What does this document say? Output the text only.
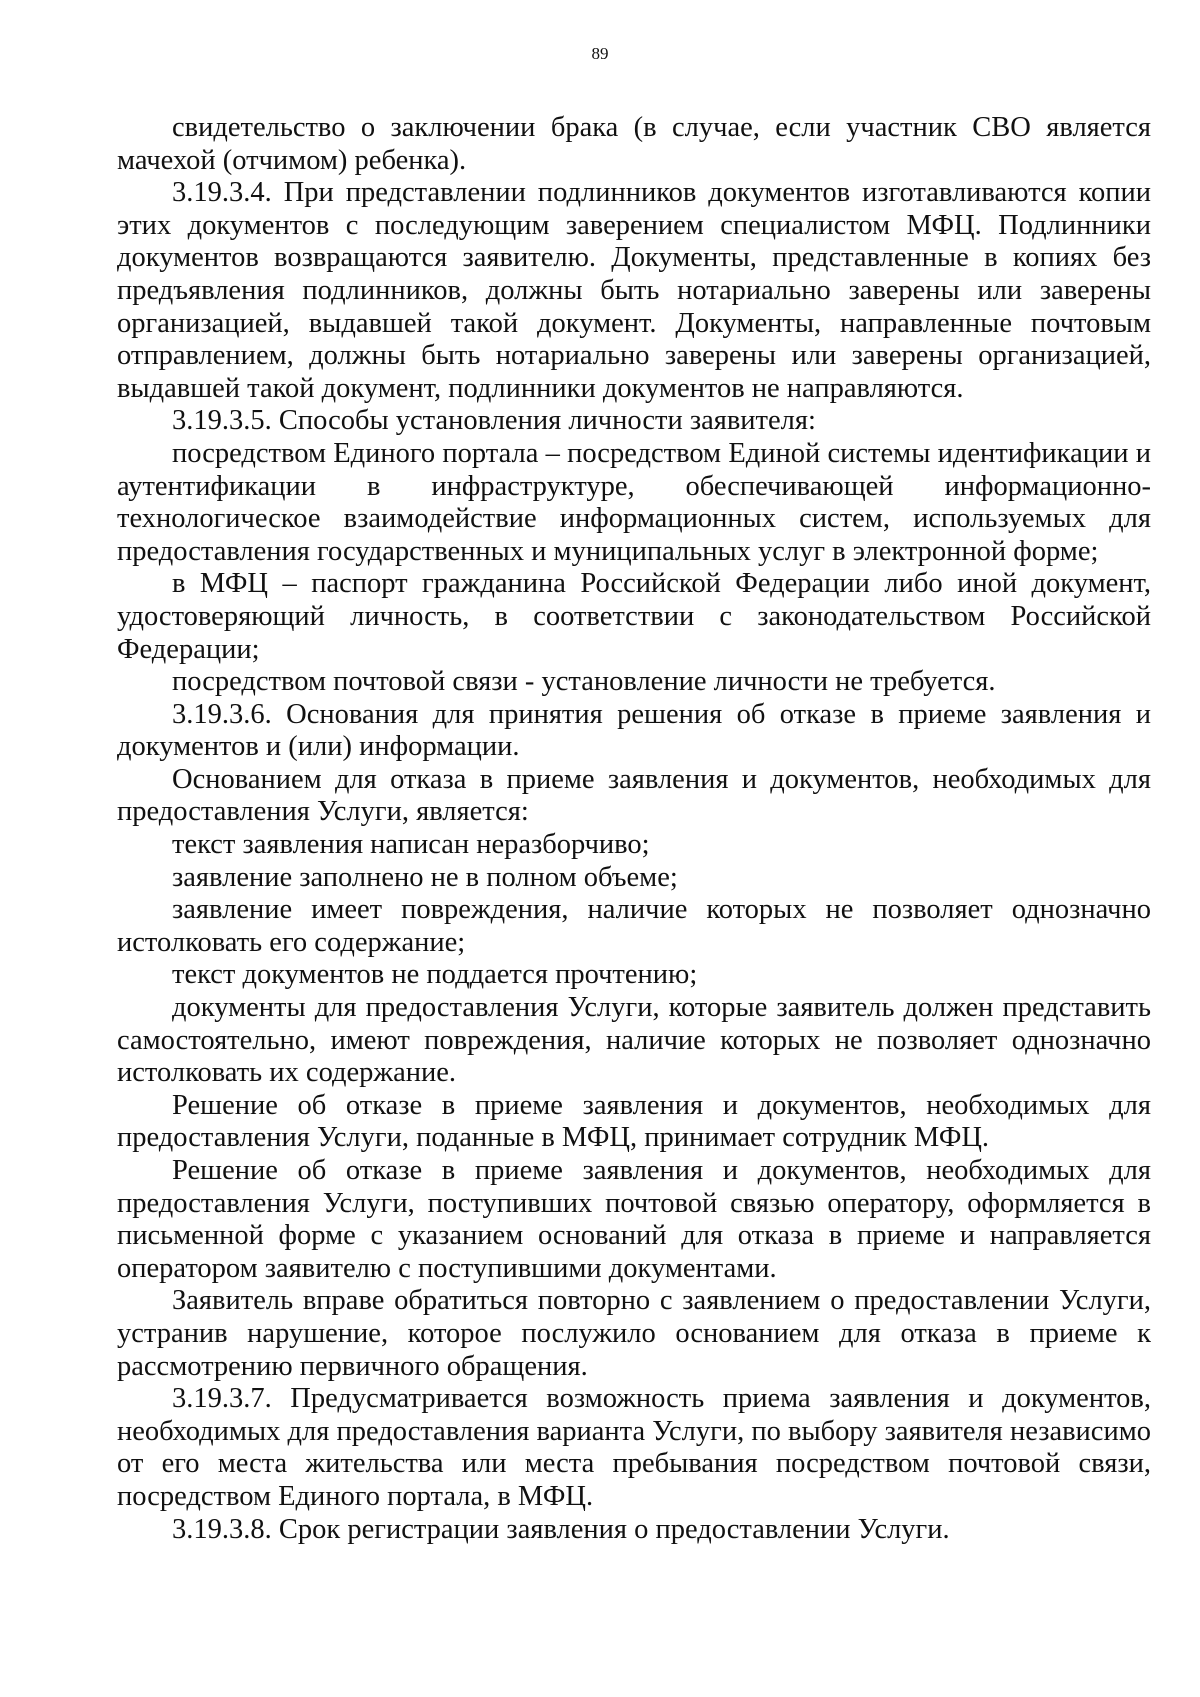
89

свидетельство о заключении брака (в случае, если участник СВО является мачехой (отчимом) ребенка).

3.19.3.4. При представлении подлинников документов изготавливаются копии этих документов с последующим заверением специалистом МФЦ. Подлинники документов возвращаются заявителю. Документы, представленные в копиях без предъявления подлинников, должны быть нотариально заверены или заверены организацией, выдавшей такой документ. Документы, направленные почтовым отправлением, должны быть нотариально заверены или заверены организацией, выдавшей такой документ, подлинники документов не направляются.

3.19.3.5. Способы установления личности заявителя:

посредством Единого портала – посредством Единой системы идентификации и аутентификации в инфраструктуре, обеспечивающей информационно-технологическое взаимодействие информационных систем, используемых для предоставления государственных и муниципальных услуг в электронной форме;

в МФЦ – паспорт гражданина Российской Федерации либо иной документ, удостоверяющий личность, в соответствии с законодательством Российской Федерации;

посредством почтовой связи - установление личности не требуется.

3.19.3.6. Основания для принятия решения об отказе в приеме заявления и документов и (или) информации.

Основанием для отказа в приеме заявления и документов, необходимых для предоставления Услуги, является:

текст заявления написан неразборчиво;

заявление заполнено не в полном объеме;

заявление имеет повреждения, наличие которых не позволяет однозначно истолковать его содержание;

текст документов не поддается прочтению;

документы для предоставления Услуги, которые заявитель должен представить самостоятельно, имеют повреждения, наличие которых не позволяет однозначно истолковать их содержание.

Решение об отказе в приеме заявления и документов, необходимых для предоставления Услуги, поданные в МФЦ, принимает сотрудник МФЦ.

Решение об отказе в приеме заявления и документов, необходимых для предоставления Услуги, поступивших почтовой связью оператору, оформляется в письменной форме с указанием оснований для отказа в приеме и направляется оператором заявителю с поступившими документами.

Заявитель вправе обратиться повторно с заявлением о предоставлении Услуги, устранив нарушение, которое послужило основанием для отказа в приеме к рассмотрению первичного обращения.

3.19.3.7. Предусматривается возможность приема заявления и документов, необходимых для предоставления варианта Услуги, по выбору заявителя независимо от его места жительства или места пребывания посредством почтовой связи, посредством Единого портала, в МФЦ.

3.19.3.8. Срок регистрации заявления о предоставлении Услуги.
